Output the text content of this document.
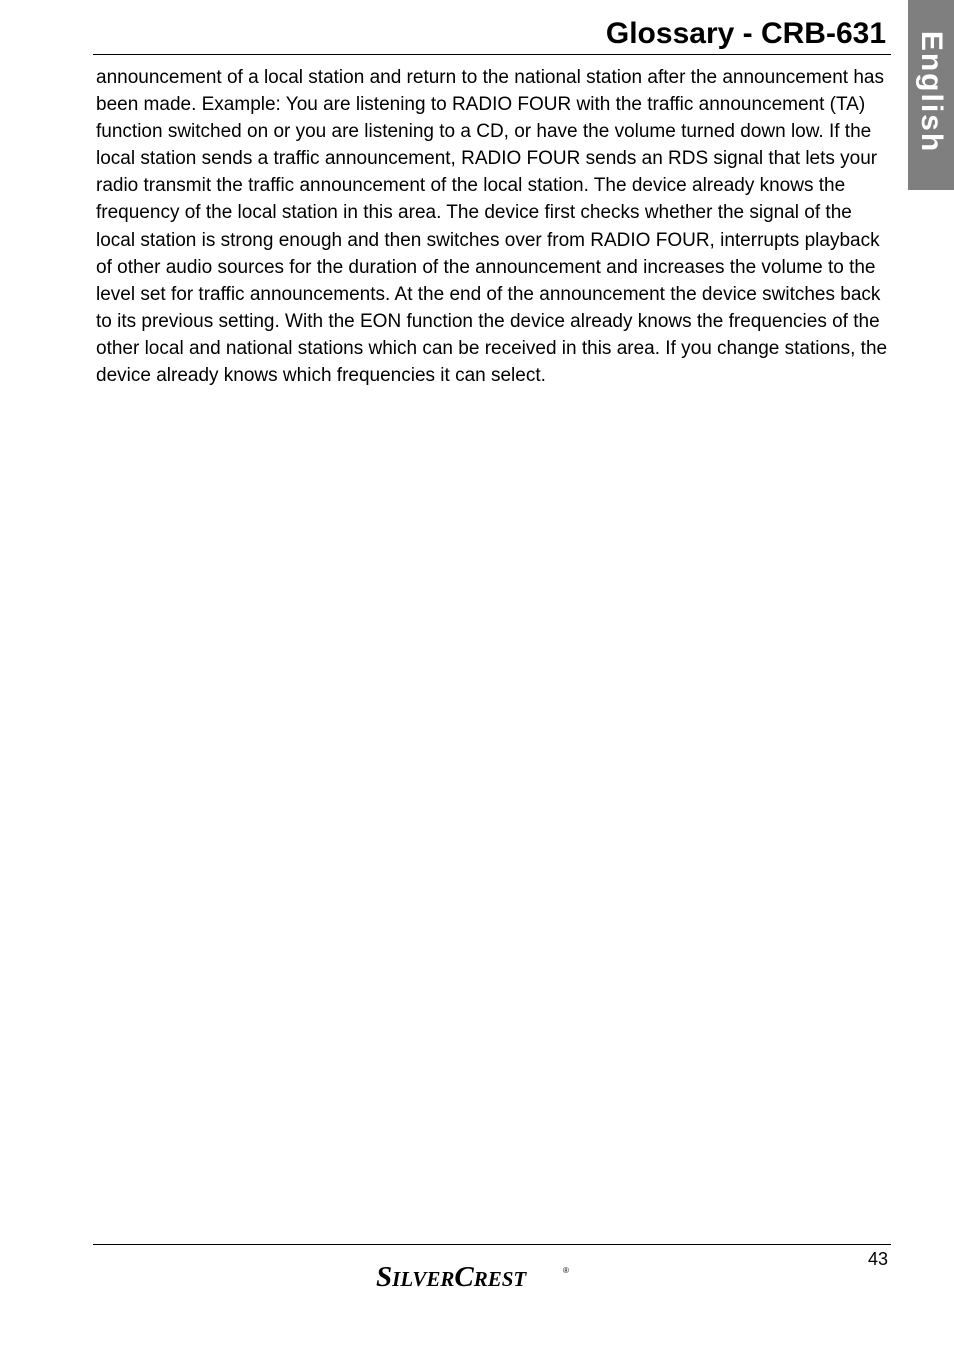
Glossary - CRB-631 English

announcement of a local station and return to the national station after the announcement has been made. Example: You are listening to RADIO FOUR with the traffic announcement (TA) function switched on or you are listening to a CD, or have the volume turned down low. If the local station sends a traffic announcement, RADIO FOUR sends an RDS signal that lets your radio transmit the traffic announcement of the local station. The device already knows the frequency of the local station in this area. The device first checks whether the signal of the local station is strong enough and then switches over from RADIO FOUR, interrupts playback of other audio sources for the duration of the announcement and increases the volume to the level set for traffic announcements. At the end of the announcement the device switches back to its previous setting. With the EON function the device already knows the frequencies of the other local and national stations which can be received in this area. If you change stations, the device already knows which frequencies it can select.

43
SILVERCREST	®
